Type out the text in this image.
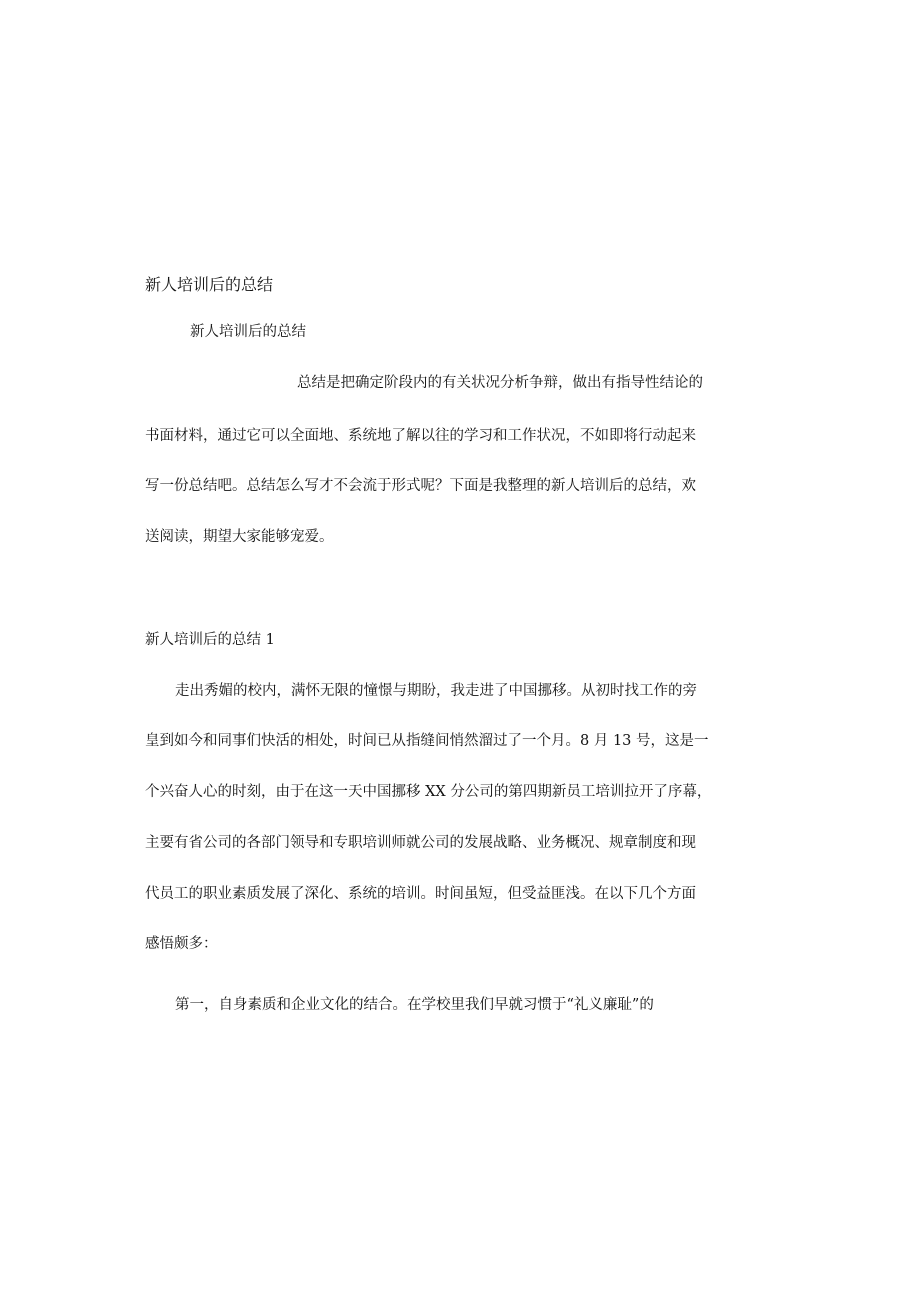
新人培训后的总结
新人培训后的总结
总结是把确定阶段内的有关状况分析争辩，做出有指导性结论的
书面材料，通过它可以全面地、系统地了解以往的学习和工作状况，不如即将行动起来
写一份总结吧。总结怎么写才不会流于形式呢？下面是我整理的新人培训后的总结，欢
送阅读，期望大家能够宠爱。
新人培训后的总结 1
走出秀媚的校内，满怀无限的憧憬与期盼，我走进了中国挪移。从初时找工作的旁
皇到如今和同事们快活的相处，时间已从指缝间悄然溜过了一个月。8 月 13 号，这是一
个兴奋人心的时刻，由于在这一天中国挪移 XX 分公司的第四期新员工培训拉开了序幕，
主要有省公司的各部门领导和专职培训师就公司的发展战略、业务概况、规章制度和现
代员工的职业素质发展了深化、系统的培训。时间虽短，但受益匪浅。在以下几个方面
感悟颇多：
第一，自身素质和企业文化的结合。在学校里我们早就习惯于“礼义廉耻”的
